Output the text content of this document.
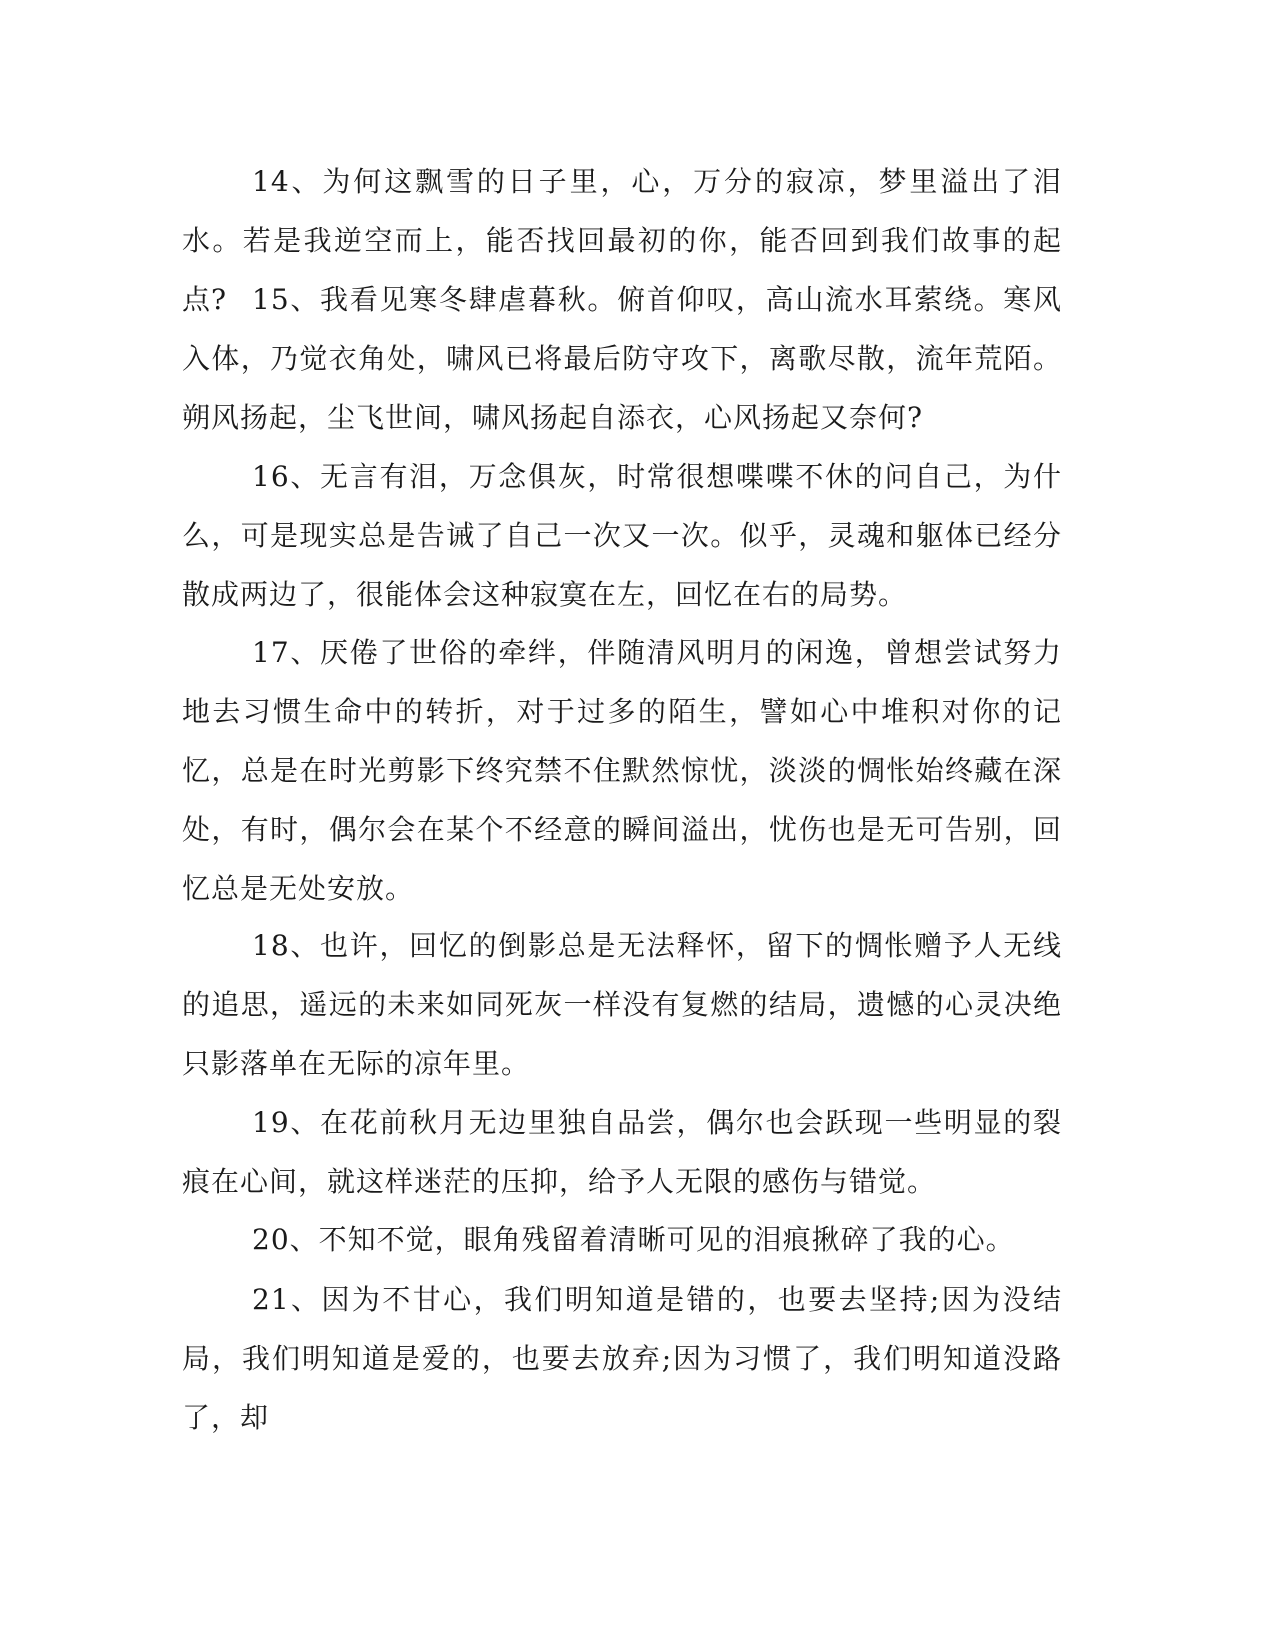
14、为何这飘雪的日子里，心，万分的寂凉，梦里溢出了泪水。若是我逆空而上，能否找回最初的你，能否回到我们故事的起点? 15、我看见寒冬肆虐暮秋。俯首仰叹，高山流水耳萦绕。寒风入体，乃觉衣角处，啸风已将最后防守攻下，离歌尽散，流年荒陌。朔风扬起，尘飞世间，啸风扬起自添衣，心风扬起又奈何?

16、无言有泪，万念俱灰，时常很想喋喋不休的问自己，为什么，可是现实总是告诫了自己一次又一次。似乎，灵魂和躯体已经分散成两边了，很能体会这种寂寞在左，回忆在右的局势。

17、厌倦了世俗的牵绊，伴随清风明月的闲逸，曾想尝试努力地去习惯生命中的转折，对于过多的陌生，譬如心中堆积对你的记忆，总是在时光剪影下终究禁不住默然惊忧，淡淡的惆怅始终藏在深处，有时，偶尔会在某个不经意的瞬间溢出，忧伤也是无可告别，回忆总是无处安放。

18、也许，回忆的倒影总是无法释怀，留下的惆怅赠予人无线的追思，遥远的未来如同死灰一样没有复燃的结局，遗憾的心灵决绝只影落单在无际的凉年里。

19、在花前秋月无边里独自品尝，偶尔也会跃现一些明显的裂痕在心间，就这样迷茫的压抑，给予人无限的感伤与错觉。

20、不知不觉，眼角残留着清晰可见的泪痕揪碎了我的心。

21、因为不甘心，我们明知道是错的，也要去坚持;因为没结局，我们明知道是爱的，也要去放弃;因为习惯了，我们明知道没路了，却
